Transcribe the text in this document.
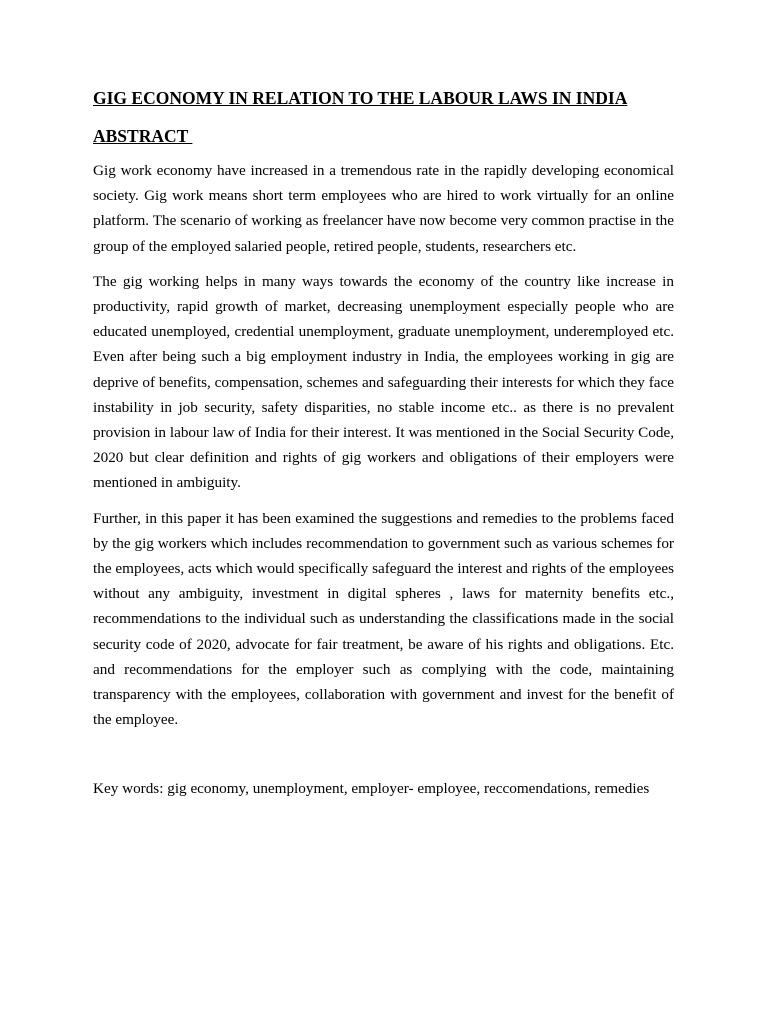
GIG ECONOMY IN RELATION TO THE LABOUR LAWS IN INDIA
ABSTRACT

Gig work economy have increased in a tremendous rate in the rapidly developing economical society. Gig work means short term employees who are hired to work virtually for an online platform. The scenario of working as freelancer have now become very common practise in the group of the employed salaried people, retired people, students, researchers etc.

The gig working helps in many ways towards the economy of the country like increase in productivity, rapid growth of market, decreasing unemployment especially people who are educated unemployed, credential unemployment, graduate unemployment, underemployed etc. Even after being such a big employment industry in India, the employees working in gig are deprive of benefits, compensation, schemes and safeguarding their interests for which they face instability in job security, safety disparities, no stable income etc.. as there is no prevalent provision in labour law of India for their interest. It was mentioned in the Social Security Code, 2020 but clear definition and rights of gig workers and obligations of their employers were mentioned in ambiguity.

Further, in this paper it has been examined the suggestions and remedies to the problems faced by the gig workers which includes recommendation to government such as various schemes for the employees, acts which would specifically safeguard the interest and rights of the employees without any ambiguity, investment in digital spheres , laws for maternity benefits etc., recommendations to the individual such as understanding the classifications made in the social security code of 2020, advocate for fair treatment, be aware of his rights and obligations. Etc. and recommendations for the employer such as complying with the code, maintaining transparency with the employees, collaboration with government and invest for the benefit of the employee.

Key words: gig economy, unemployment, employer- employee, reccomendations, remedies
